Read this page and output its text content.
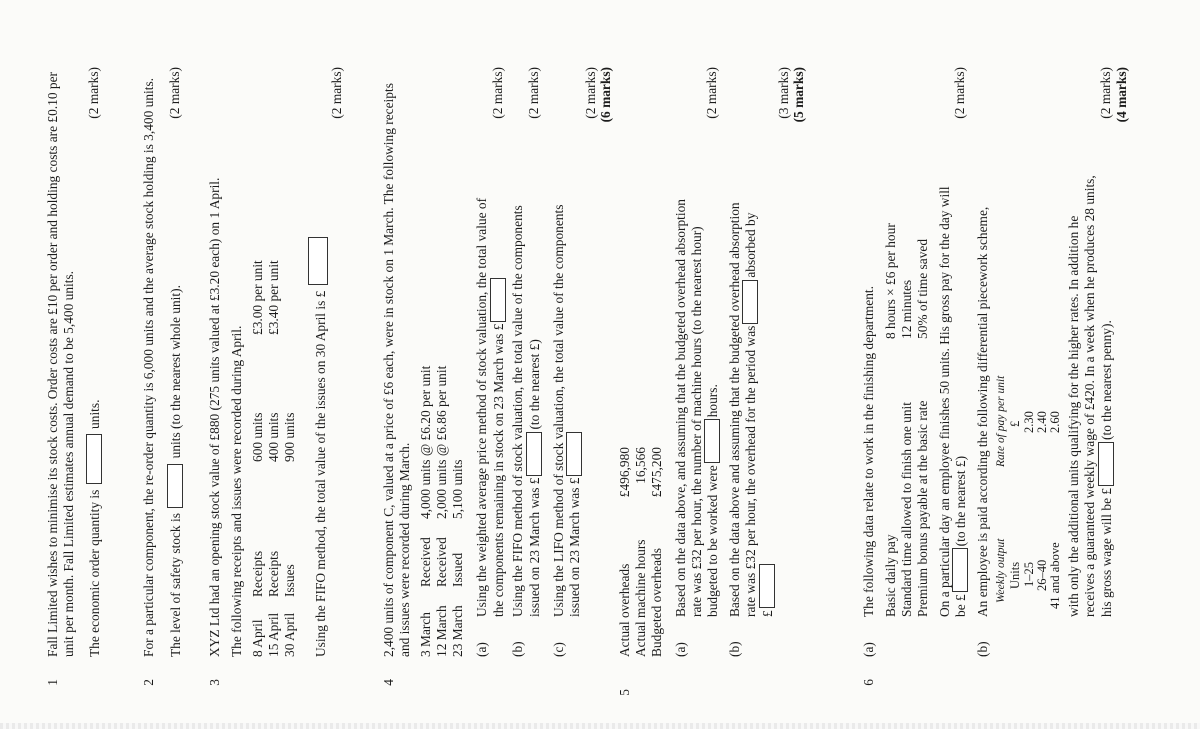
1
Fall Limited wishes to minimise its stock costs. Order costs are £10 per order and holding costs are £0.10 per unit per month. Fall Limited estimates annual demand to be 5,400 units. The economic order quantity is  units.
(2 marks)
2
For a particular component, the re-order quantity is 6,000 units and the average stock holding is 3,400 units. The level of safety stock is  units (to the nearest whole unit).
(2 marks)
3
XYZ Ltd had an opening stock value of £880 (275 units valued at £3.20 each) on 1 April. The following receipts and issues were recorded during April. 8 April
Receipts
600 units
£3.00 per unit
15 April
Receipts
400 units
£3.40 per unit
30 April
Issues
900 units	Using the FIFO method, the total value of the issues on 30 April is £
(2 marks)
4
2,400 units of component C, valued at a price of £6 each, were in stock on 1 March. The following receipts and issues were recorded during March. 3 March
Received
4,000 units @ £6.20 per unit
12 March
Received
2,000 units @ £6.86 per unit
23 March
Issued
5,100 units
(a)
Using the weighted average price method of stock valuation, the total value of the components remaining in stock on 23 March was £
(2 marks)
(b)
Using the FIFO method of stock valuation, the total value of the components issued on 23 March was £(to the nearest £)
(2 marks)
(c)
Using the LIFO method of stock valuation, the total value of the components issued on 23 March was £
(2 marks) (6 marks)
5
Actual overheads
£496,980
Actual machine hours
16,566
Budgeted overheads
£475,200
(a)
Based on the data above, and assuming that the budgeted overhead absorption rate was £32 per hour, the number of machine hours (to the nearest hour) budgeted to be worked werehours.
(2 marks)
(b)
Based on the data above and assuming that the budgeted overhead absorption rate was £32 per hour, the overhead for the period wasabsorbed by
£
(3 marks) (5 marks)
6
(a)
The following data relate to work in the finishing department. Basic daily pay
8 hours × £6 per hour
Standard time allowed to finish one unit
12 minutes
Premium bonus payable at the basic rate
50% of time saved On a particular day an employee finishes 50 units. His gross pay for the day will be £(to the nearest £)
(2 marks)
(b)
An employee is paid according the following differential piecework scheme, Weekly output
Rate of pay per unit
Units
£
1–25
2.30
26–40
2.40
41 and above
2.60 with only the additional units qualifying for the higher rates. In addition he receives a guaranteed weekly wage of £420. In a week when he produces 28 units, his gross wage will be £(to the nearest penny).
(2 marks) (4 marks)
